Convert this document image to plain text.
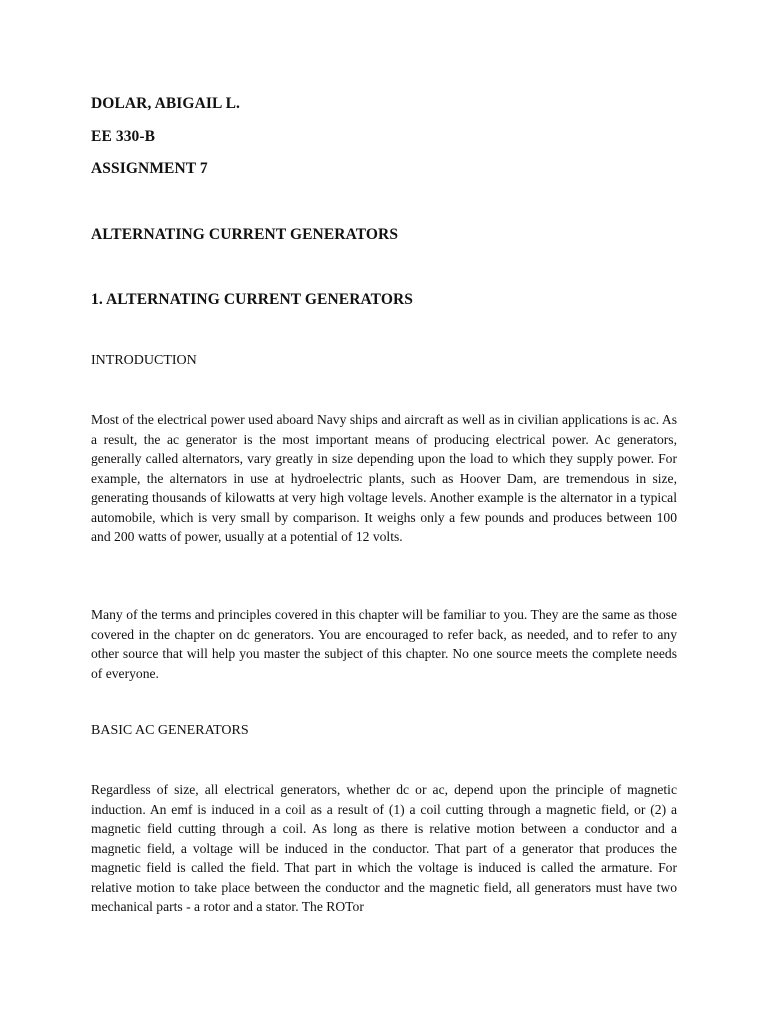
DOLAR, ABIGAIL L.
EE 330-B
ASSIGNMENT 7
ALTERNATING CURRENT GENERATORS
1. ALTERNATING CURRENT GENERATORS
INTRODUCTION
Most of the electrical power used aboard Navy ships and aircraft as well as in civilian applications is ac. As a result, the ac generator is the most important means of producing electrical power. Ac generators, generally called alternators, vary greatly in size depending upon the load to which they supply power. For example, the alternators in use at hydroelectric plants, such as Hoover Dam, are tremendous in size, generating thousands of kilowatts at very high voltage levels. Another example is the alternator in a typical automobile, which is very small by comparison. It weighs only a few pounds and produces between 100 and 200 watts of power, usually at a potential of 12 volts.
Many of the terms and principles covered in this chapter will be familiar to you. They are the same as those covered in the chapter on dc generators. You are encouraged to refer back, as needed, and to refer to any other source that will help you master the subject of this chapter. No one source meets the complete needs of everyone.
BASIC AC GENERATORS
Regardless of size, all electrical generators, whether dc or ac, depend upon the principle of magnetic induction. An emf is induced in a coil as a result of (1) a coil cutting through a magnetic field, or (2) a magnetic field cutting through a coil. As long as there is relative motion between a conductor and a magnetic field, a voltage will be induced in the conductor. That part of a generator that produces the magnetic field is called the field. That part in which the voltage is induced is called the armature. For relative motion to take place between the conductor and the magnetic field, all generators must have two mechanical parts - a rotor and a stator. The ROTor
